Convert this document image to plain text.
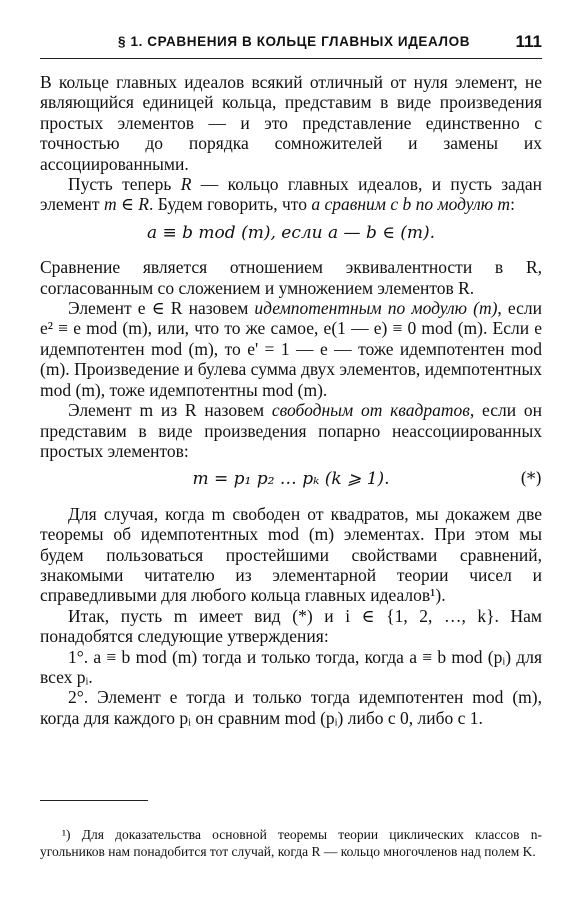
§ 1. СРАВНЕНИЯ В КОЛЬЦЕ ГЛАВНЫХ ИДЕАЛОВ	111

В кольце главных идеалов всякий отличный от нуля элемент, не являющийся единицей кольца, представим в виде произведения простых элементов — и это представление единственно с точностью до порядка сомножителей и замены их ассоциированными.

Пусть теперь R — кольцо главных идеалов, и пусть задан элемент m ∈ R. Будем говорить, что a сравним с b по модулю m:

a ≡ b mod (m), если a — b ∈ (m).

Сравнение является отношением эквивалентности в R, согласованным со сложением и умножением элементов R.

Элемент e ∈ R назовем идемпотентным по модулю (m), если e² ≡ e mod (m), или, что то же самое, e(1 — e) ≡ 0 mod (m). Если e идемпотентен mod (m), то e' = 1 — e — тоже идемпотентен mod (m). Произведение и булева сумма двух элементов, идемпотентных mod (m), тоже идемпотентны mod (m).

Элемент m из R назовем свободным от квадратов, если он представим в виде произведения попарно неассоциированных простых элементов:

m = p₁ p₂ … pₖ (k ⩾ 1).	(*)

Для случая, когда m свободен от квадратов, мы докажем две теоремы об идемпотентных mod (m) элементах. При этом мы будем пользоваться простейшими свойствами сравнений, знакомыми читателю из элементарной теории чисел и справедливыми для любого кольца главных идеалов¹).

Итак, пусть m имеет вид (*) и i ∈ {1, 2, …, k}. Нам понадобятся следующие утверждения:

1°. a ≡ b mod (m) тогда и только тогда, когда a ≡ b mod (pᵢ) для всех pᵢ.

2°. Элемент e тогда и только тогда идемпотентен mod (m), когда для каждого pᵢ он сравним mod (pᵢ) либо с 0, либо с 1.

¹) Для доказательства основной теоремы теории циклических классов n-угольников нам понадобится тот случай, когда R — кольцо многочленов над полем K.
